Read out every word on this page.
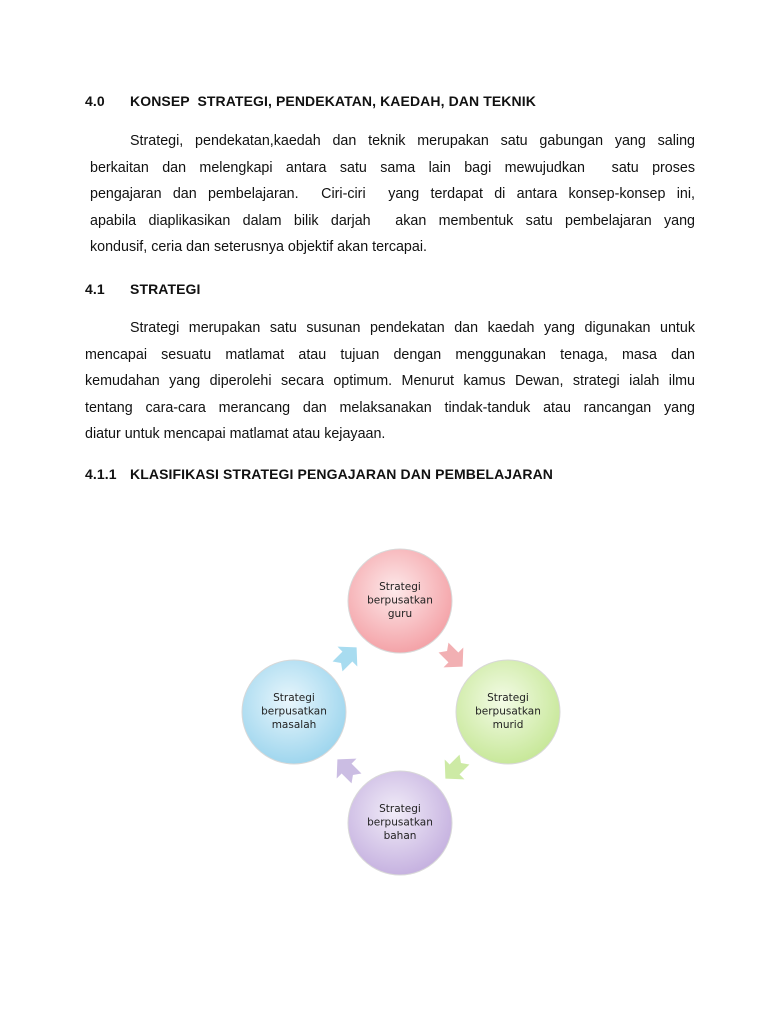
4.0 KONSEP  STRATEGI, PENDEKATAN, KAEDAH, DAN TEKNIK
Strategi, pendekatan,kaedah dan teknik merupakan satu gabungan yang saling
berkaitan dan melengkapi antara satu sama lain bagi mewujudkan  satu proses
pengajaran dan pembelajaran.  Ciri-ciri  yang terdapat di antara konsep-konsep ini,
apabila diaplikasikan dalam bilik darjah  akan membentuk satu pembelajaran yang
kondusif, ceria dan seterusnya objektif akan tercapai.
4.1 STRATEGI
Strategi merupakan satu susunan pendekatan dan kaedah yang digunakan untuk
mencapai sesuatu matlamat atau tujuan dengan menggunakan tenaga, masa dan
kemudahan yang diperolehi secara optimum. Menurut kamus Dewan, strategi ialah ilmu
tentang cara-cara merancang dan melaksanakan tindak-tanduk atau rancangan yang
diatur untuk mencapai matlamat atau kejayaan.
4.1.1 KLASIFIKASI STRATEGI PENGAJARAN DAN PEMBELAJARAN
Strategi
berpusatkan
guru
Strategi
berpusatkan
murid
Strategi
berpusatkan
bahan
Strategi
berpusatkan
masalah
